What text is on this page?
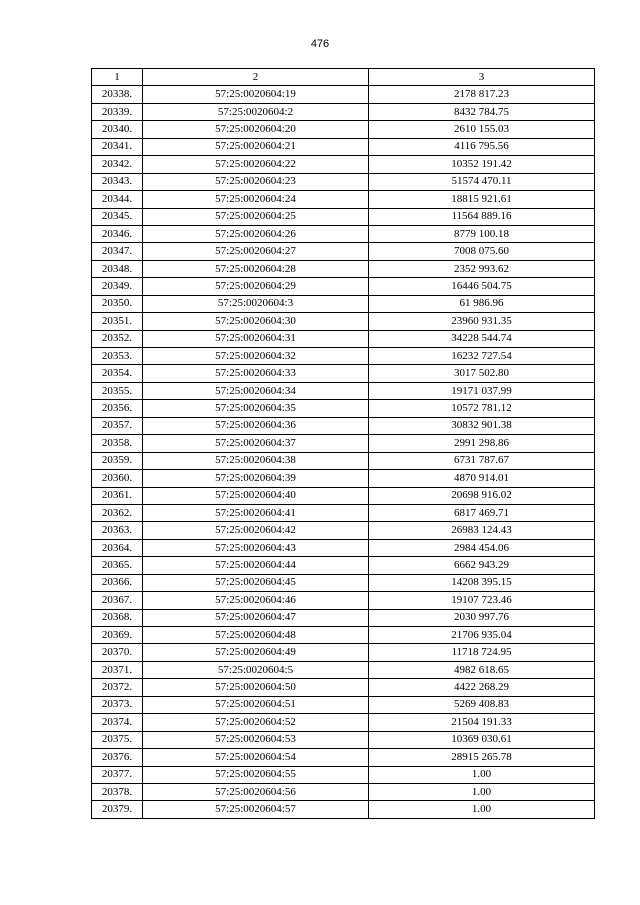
476
1	2	3
20338.	57:25:0020604:19	2178 817.23
20339.	57:25:0020604:2	8432 784.75
20340.	57:25:0020604:20	2610 155.03
20341.	57:25:0020604:21	4116 795.56
20342.	57:25:0020604:22	10352 191.42
20343.	57:25:0020604:23	51574 470.11
20344.	57:25:0020604:24	18815 921.61
20345.	57:25:0020604:25	11564 889.16
20346.	57:25:0020604:26	8779 100.18
20347.	57:25:0020604:27	7008 075.60
20348.	57:25:0020604:28	2352 993.62
20349.	57:25:0020604:29	16446 504.75
20350.	57:25:0020604:3	61 986.96
20351.	57:25:0020604:30	23960 931.35
20352.	57:25:0020604:31	34228 544.74
20353.	57:25:0020604:32	16232 727.54
20354.	57:25:0020604:33	3017 502.80
20355.	57:25:0020604:34	19171 037.99
20356.	57:25:0020604:35	10572 781.12
20357.	57:25:0020604:36	30832 901.38
20358.	57:25:0020604:37	2991 298.86
20359.	57:25:0020604:38	6731 787.67
20360.	57:25:0020604:39	4870 914.01
20361.	57:25:0020604:40	20698 916.02
20362.	57:25:0020604:41	6817 469.71
20363.	57:25:0020604:42	26983 124.43
20364.	57:25:0020604:43	2984 454.06
20365.	57:25:0020604:44	6662 943.29
20366.	57:25:0020604:45	14208 395.15
20367.	57:25:0020604:46	19107 723.46
20368.	57:25:0020604:47	2030 997.76
20369.	57:25:0020604:48	21706 935.04
20370.	57:25:0020604:49	11718 724.95
20371.	57:25:0020604:5	4982 618.65
20372.	57:25:0020604:50	4422 268.29
20373.	57:25:0020604:51	5269 408.83
20374.	57:25:0020604:52	21504 191.33
20375.	57:25:0020604:53	10369 030.61
20376.	57:25:0020604:54	28915 265.78
20377.	57:25:0020604:55	1.00
20378.	57:25:0020604:56	1.00
20379.	57:25:0020604:57	1.00
